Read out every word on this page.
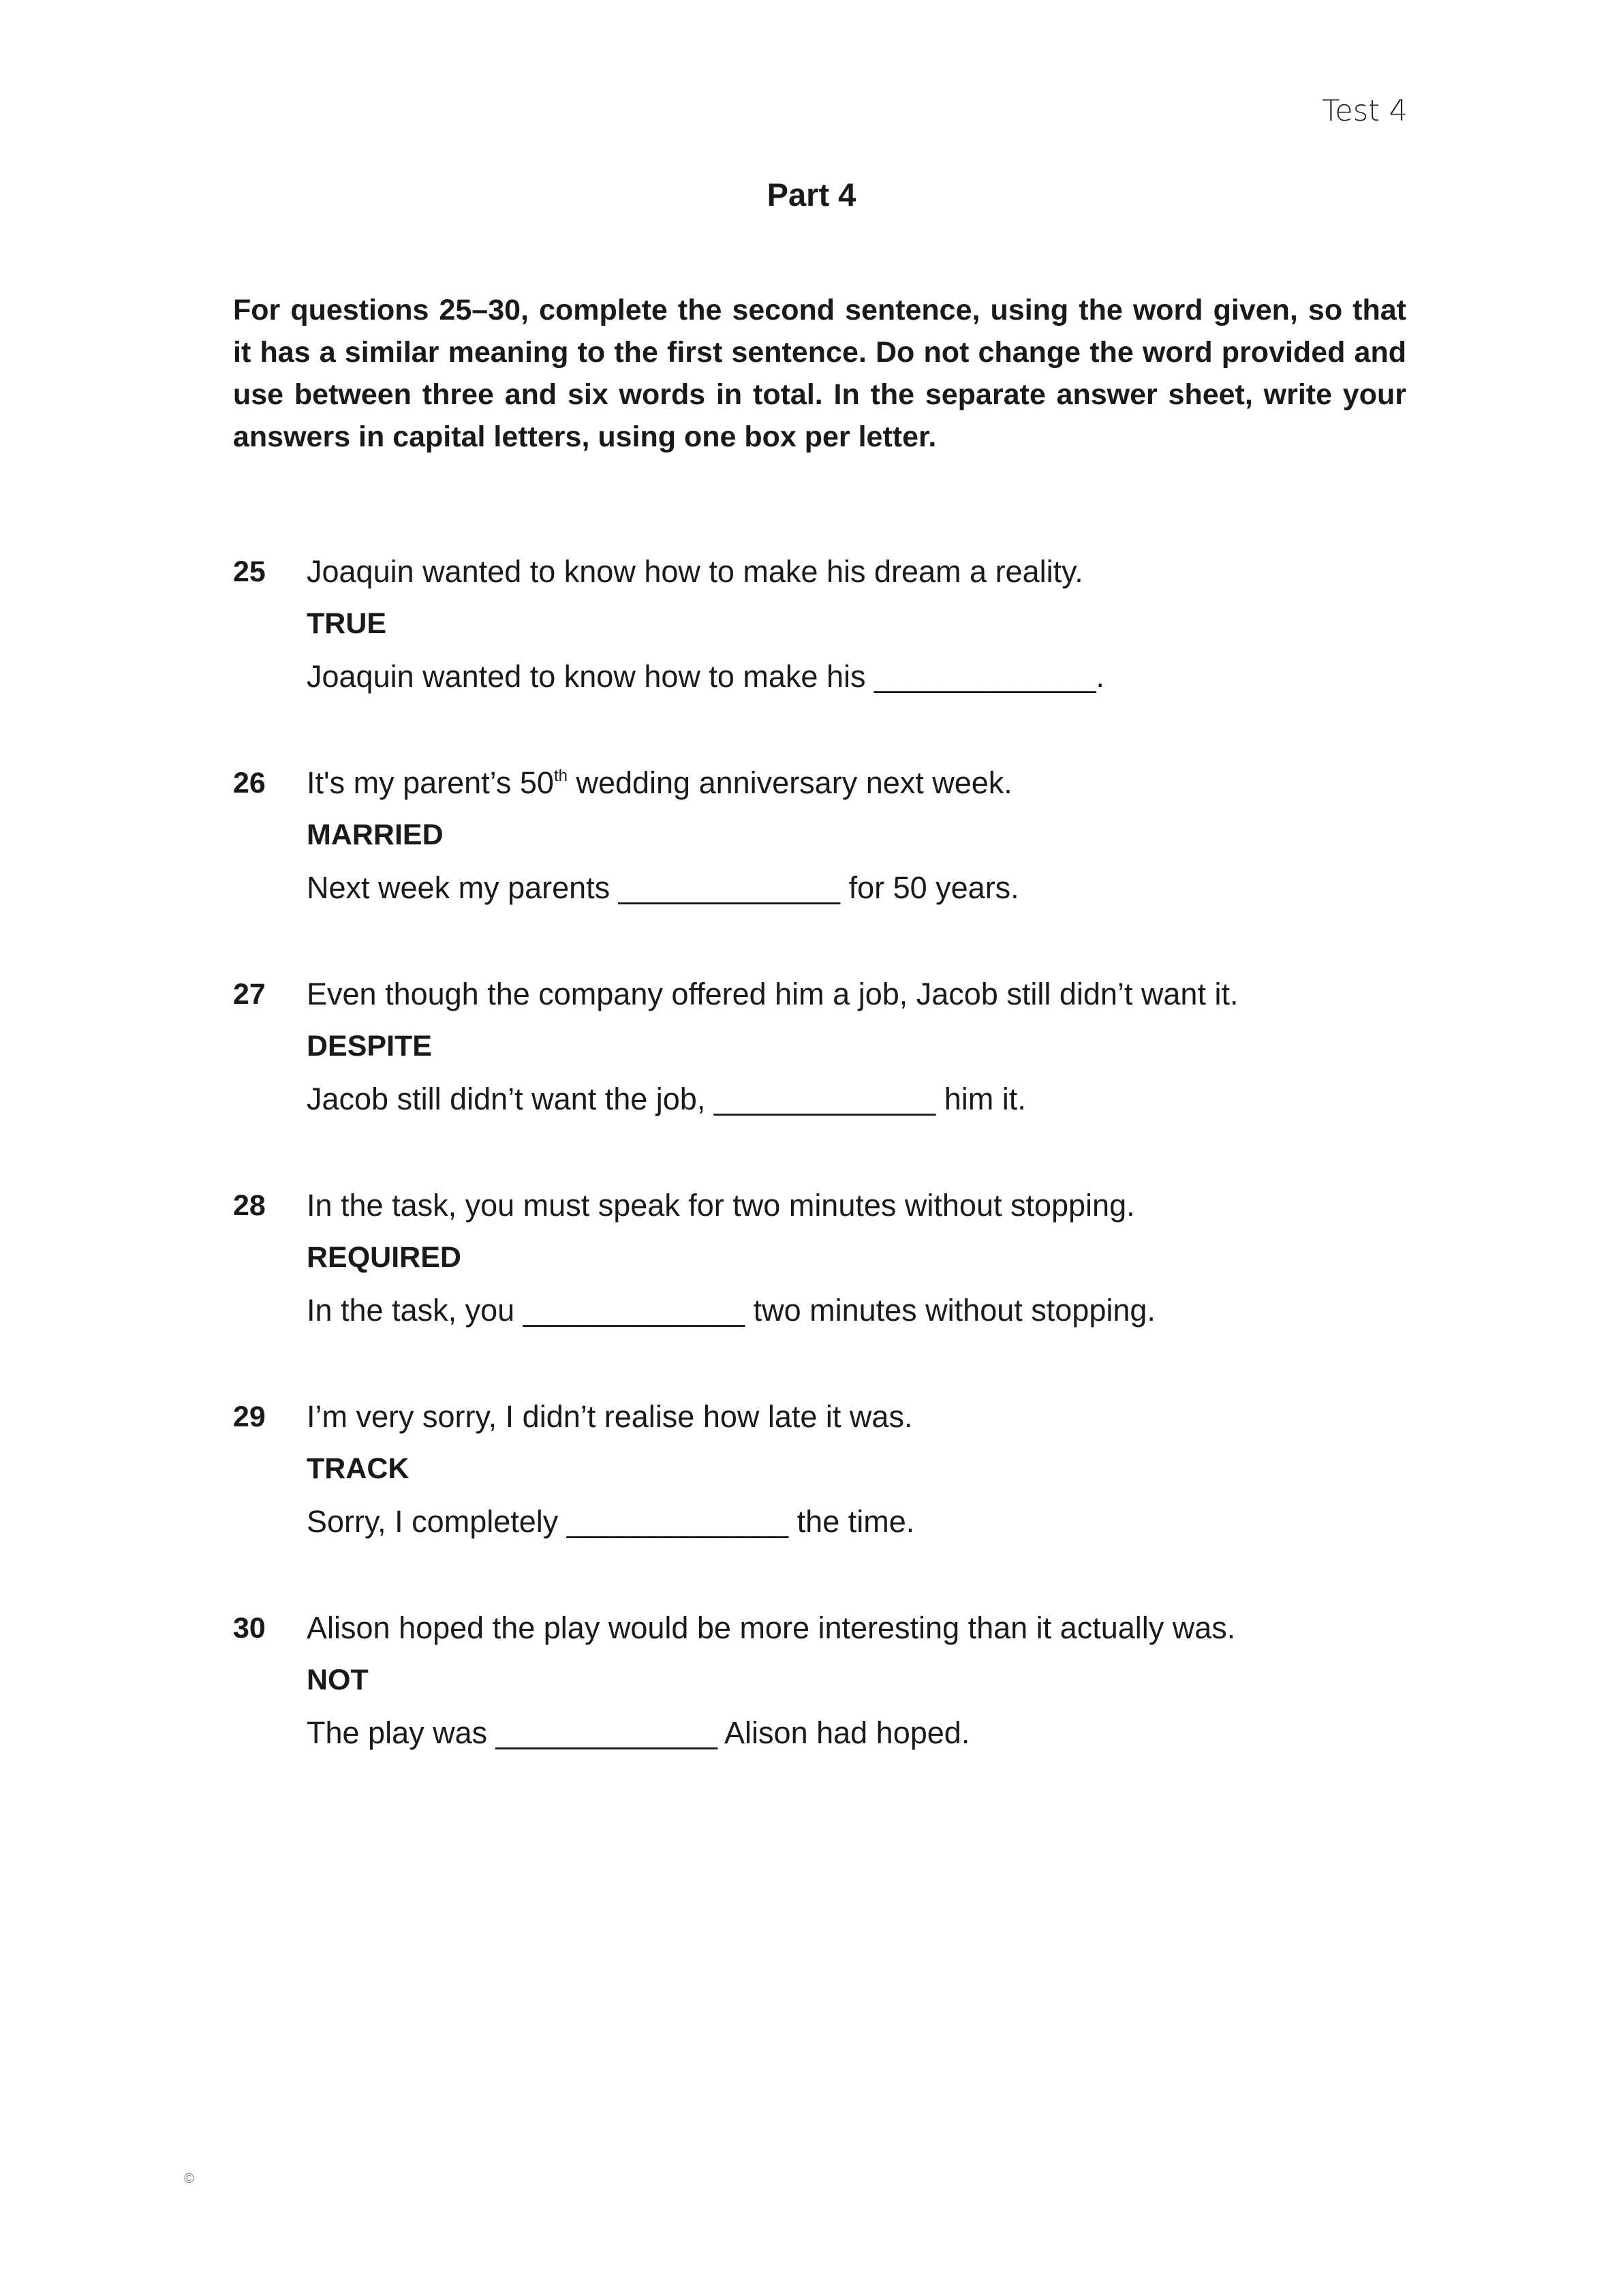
Test 4
Part 4

For questions 25–30, complete the second sentence, using the word given, so that it has a similar meaning to the first sentence. Do not change the word provided and use between three and six words in total. In the separate answer sheet, write your answers in capital letters, using one box per letter.

25 Joaquin wanted to know how to make his dream a reality.
TRUE
Joaquin wanted to know how to make his _____________.
26 It's my parent’s 50th wedding anniversary next week.
MARRIED
Next week my parents _____________ for 50 years.
27 Even though the company offered him a job, Jacob still didn’t want it.
DESPITE
Jacob still didn’t want the job, _____________ him it.
28 In the task, you must speak for two minutes without stopping.
REQUIRED
In the task, you _____________ two minutes without stopping.
29 I’m very sorry, I didn’t realise how late it was.
TRACK
Sorry, I completely _____________ the time.
30 Alison hoped the play would be more interesting than it actually was.
NOT
The play was _____________ Alison had hoped.
©
